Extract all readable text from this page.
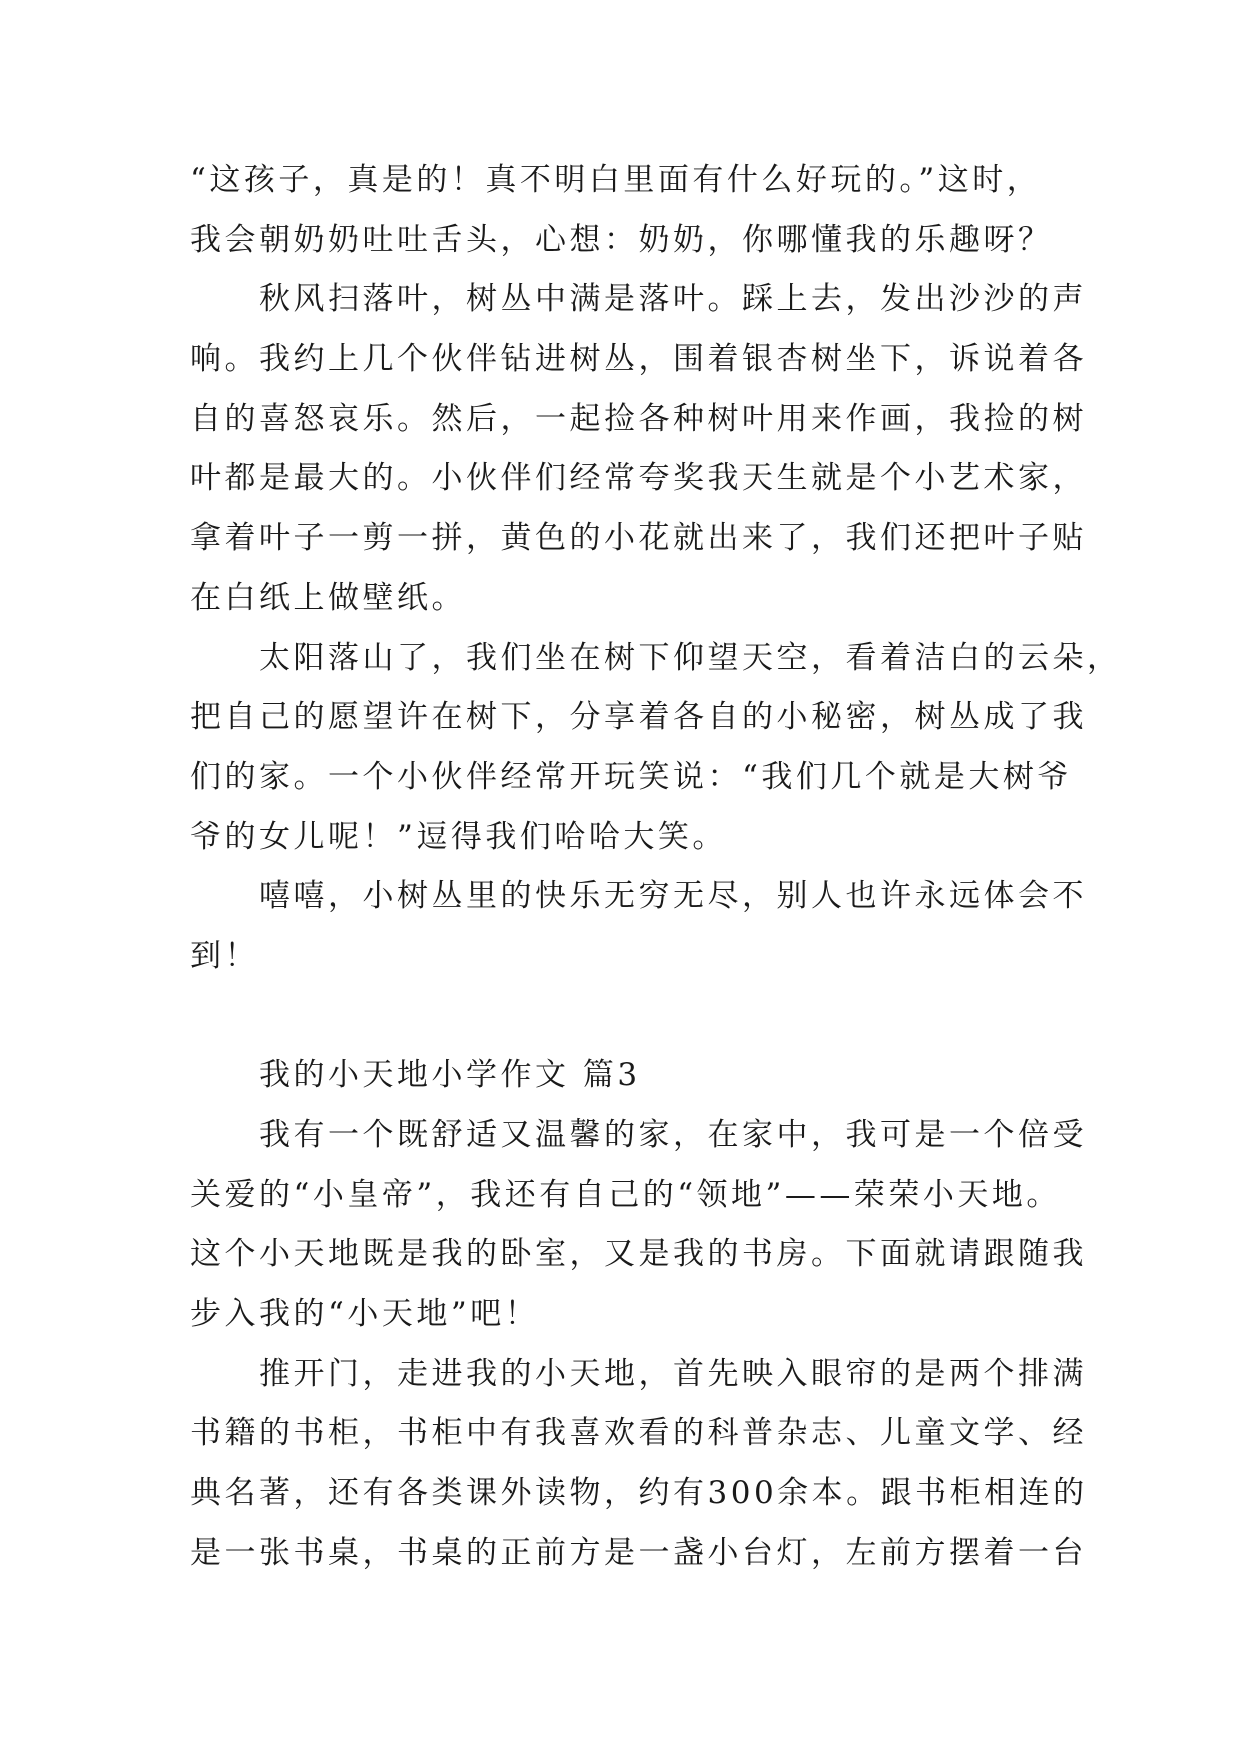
“这孩子，真是的！真不明白里面有什么好玩的。”这时，
我会朝奶奶吐吐舌头，心想：奶奶，你哪懂我的乐趣呀？
　　秋风扫落叶，树丛中满是落叶。踩上去，发出沙沙的声
响。我约上几个伙伴钻进树丛，围着银杏树坐下，诉说着各
自的喜怒哀乐。然后，一起捡各种树叶用来作画，我捡的树
叶都是最大的。小伙伴们经常夸奖我天生就是个小艺术家，
拿着叶子一剪一拼，黄色的小花就出来了，我们还把叶子贴
在白纸上做壁纸。
　　太阳落山了，我们坐在树下仰望天空，看着洁白的云朵，
把自己的愿望许在树下，分享着各自的小秘密，树丛成了我
们的家。一个小伙伴经常开玩笑说：“我们几个就是大树爷
爷的女儿呢！”逗得我们哈哈大笑。
　　嘻嘻，小树丛里的快乐无穷无尽，别人也许永远体会不
到！
　　我的小天地小学作文 篇3
　　我有一个既舒适又温馨的家，在家中，我可是一个倍受
关爱的“小皇帝”，我还有自己的“领地”——荣荣小天地。
这个小天地既是我的卧室，又是我的书房。下面就请跟随我
步入我的“小天地”吧！
　　推开门，走进我的小天地，首先映入眼帘的是两个排满
书籍的书柜，书柜中有我喜欢看的科普杂志、儿童文学、经
典名著，还有各类课外读物，约有300余本。跟书柜相连的
是一张书桌，书桌的正前方是一盏小台灯，左前方摆着一台
